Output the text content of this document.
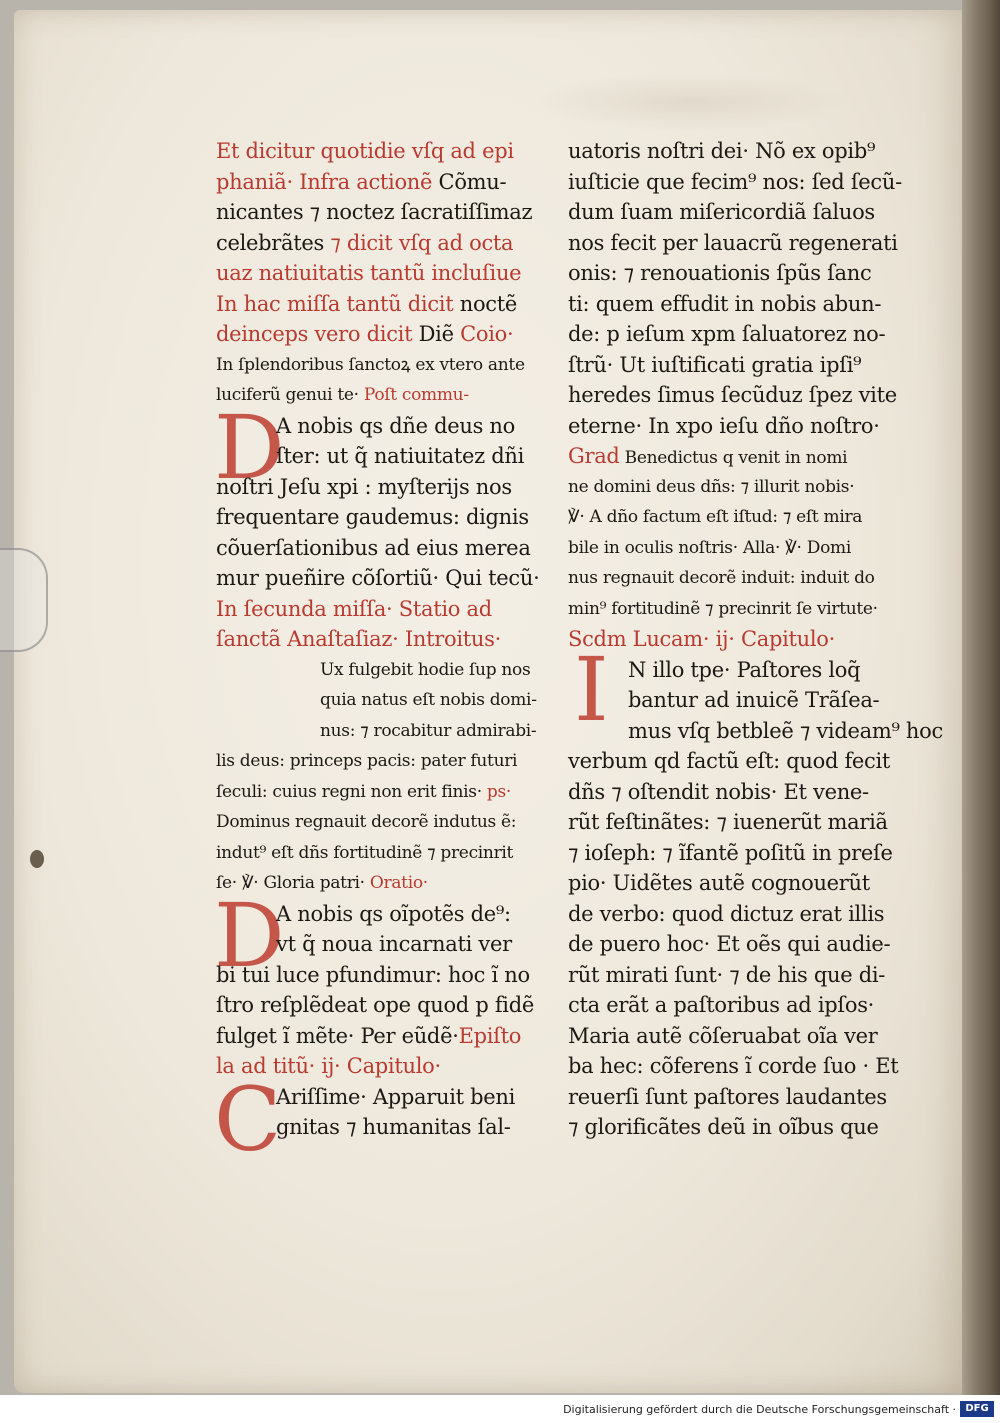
D
D
C
I
Et dicitur quotidie vſq ad epi
phaniã· Infra actionẽ Cõmu-
nicantes ⁊ noctez ſacratiſſimaz
celebrãtes ⁊ dicit vſq ad octa
uaz natiuitatis tantũ incluſiue
In hac miſſa tantũ dicit noctẽ
deinceps vero dicit Diẽ Coio·
In ſplendoribus ſanctoꝝ ex vtero ante
luciferũ genui te· Poſt commu-
A nobis qs dñe deus no
ſter: ut q̃ natiuitatez dñi
noſtri Jeſu xpi : myſterijs nos
frequentare gaudemus: dignis
cõuerſationibus ad eius merea
mur pueñire cõſortiũ· Qui tecũ·
In ſecunda miſſa· Statio ad
ſanctã Anaſtaſiaz· Introitus·
Ux fulgebit hodie ſup nos
quia natus eſt nobis domi-
nus: ⁊ rocabitur admirabi-
lis deus: princeps pacis: pater futuri
ſeculi: cuius regni non erit finis· ps·
Dominus regnauit decorẽ indutus ẽ:
indut⁹ eſt dñs fortitudinẽ ⁊ precinrit
ſe· ℣· Gloria patri· Oratio·
A nobis qs oĩpotẽs de⁹:
vt q̃ noua incarnati ver
bi tui luce pfundimur: hoc ĩ no
ſtro reſplẽdeat ope quod p fidẽ
fulget ĩ mẽte· Per eũdẽ·Epiſto
la ad titũ· ij· Capitulo·
Ariſſime· Apparuit beni
gnitas ⁊ humanitas ſal-
uatoris noſtri dei· Nõ ex opib⁹
iuſticie que fecim⁹ nos: ſed ſecũ-
dum ſuam miſericordiã ſaluos
nos fecit per lauacrũ regenerati
onis: ⁊ renouationis ſpũs ſanc
ti: quem effudit in nobis abun-
de: p ieſum xpm ſaluatorez no-
ſtrũ· Ut iuſtificati gratia ipſi⁹
heredes ſimus ſecũduz ſpez vite
eterne· In xpo ieſu dño noſtro·
Grad Benedictus q venit in nomi
ne domini deus dñs: ⁊ illurit nobis·
℣· A dño factum eſt iſtud: ⁊ eſt mira
bile in oculis noſtris· Alla· ℣· Domi
nus regnauit decorẽ induit: induit do
min⁹ fortitudinẽ ⁊ precinrit ſe virtute·
Scdm Lucam· ij· Capitulo·
N illo tpe· Paſtores loq̃
bantur ad inuicẽ Trãſea-
mus vſq betbleẽ ⁊ videam⁹ hoc
verbum qd factũ eſt: quod fecit
dñs ⁊ oſtendit nobis· Et vene-
rũt feſtinãtes: ⁊ iuenerũt mariã
⁊ ioſeph: ⁊ ĩfantẽ poſitũ in preſe
pio· Uidẽtes autẽ cognouerũt
de verbo: quod dictuz erat illis
de puero hoc· Et oẽs qui audie-
rũt mirati ſunt· ⁊ de his que di-
cta erãt a paſtoribus ad ipſos·
Maria autẽ cõſeruabat oĩa ver
ba hec: cõferens ĩ corde ſuo · Et
reuerſi ſunt paſtores laudantes
⁊ glorificãtes deũ in oĩbus que
Digitalisierung gefördert durch die Deutsche Forschungsgemeinschaft · DFG
